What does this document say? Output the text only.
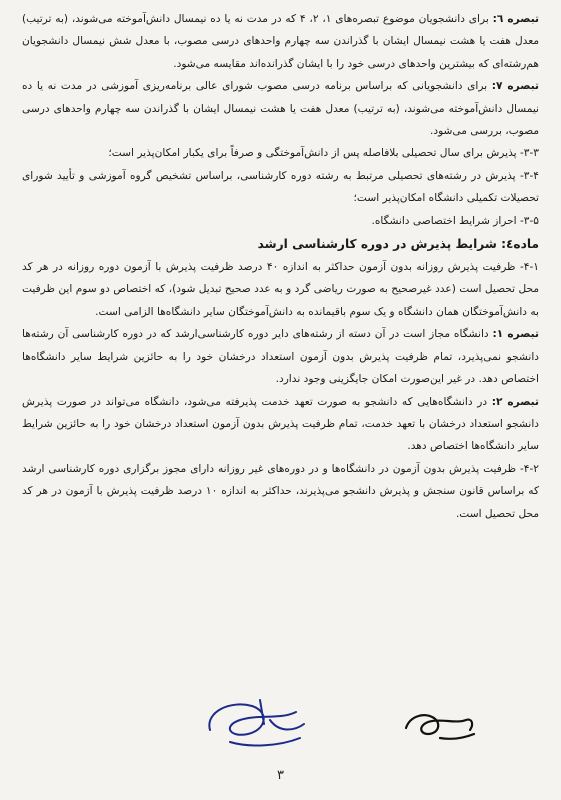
تبصره ٦: برای دانشجویان موضوع تبصره‌های ۱، ۲، ۴ که در مدت نه یا ده نیمسال دانش‌آموخته می‌شوند، (به ترتیب) معدل هفت یا هشت نیمسال ایشان با گذراندن سه چهارم واحدهای درسی مصوب، با معدل شش نیمسال دانشجویان هم‌رشته‌ای که بیشترین واحدهای درسی خود را با ایشان گذرانده‌اند مقایسه می‌شود.

تبصره ۷: برای دانشجویانی که براساس برنامه درسی مصوب شورای عالی برنامه‌ریزی آموزشی در مدت نه یا ده نیمسال دانش‌آموخته می‌شوند، (به ترتیب) معدل هفت یا هشت نیمسال ایشان با گذراندن سه چهارم واحدهای درسی مصوب، بررسی می‌شود.

۳-۳- پذیرش برای سال تحصیلی بلافاصله پس از دانش‌آموختگی و صرفاً برای یکبار امکان‌پذیر است؛

۳-۴- پذیرش در رشته‌های تحصیلی مرتبط به رشته دوره کارشناسی، براساس تشخیص گروه آموزشی و تأیید شورای تحصیلات تکمیلی دانشگاه امکان‌پذیر است؛

۳-۵- احراز شرایط اختصاصی دانشگاه.

ماده٤: شرایط پذیرش در دوره کارشناسی ارشد

۴-۱- ظرفیت پذیرش روزانه بدون آزمون حداکثر به اندازه ۴۰ درصد ظرفیت پذیرش با آزمون دوره روزانه در هر کد محل تحصیل است (عدد غیرصحیح به صورت ریاضی گرد و به عدد صحیح تبدیل شود)، که اختصاص دو سوم این ظرفیت به دانش‌آموختگان همان دانشگاه و یک سوم باقیمانده به دانش‌آموختگان سایر دانشگاه‌ها الزامی است.

تبصره ۱: دانشگاه مجاز است در آن دسته از رشته‌های دایر دوره کارشناسی‌ارشد که در دوره کارشناسی آن رشته‌ها دانشجو نمی‌پذیرد، تمام ظرفیت پذیرش بدون آزمون استعداد درخشان خود را به حائزین شرایط سایر دانشگاه‌ها اختصاص دهد. در غیر این‌صورت امکان جایگزینی وجود ندارد.

تبصره ۲: در دانشگاه‌هایی که دانشجو به صورت تعهد خدمت پذیرفته می‌شود، دانشگاه می‌تواند در صورت پذیرش دانشجو استعداد درخشان با تعهد خدمت، تمام ظرفیت پذیرش بدون آزمون استعداد درخشان خود را به حائزین شرایط سایر دانشگاه‌ها اختصاص دهد.

۴-۲- ظرفیت پذیرش بدون آزمون در دانشگاه‌ها و در دوره‌های غیر روزانه دارای مجوز برگزاری دوره کارشناسی ارشد که براساس قانون سنجش و پذیرش دانشجو می‌پذیرند، حداکثر به اندازه ۱۰ درصد ظرفیت پذیرش با آزمون در هر کد محل تحصیل است.

٣
